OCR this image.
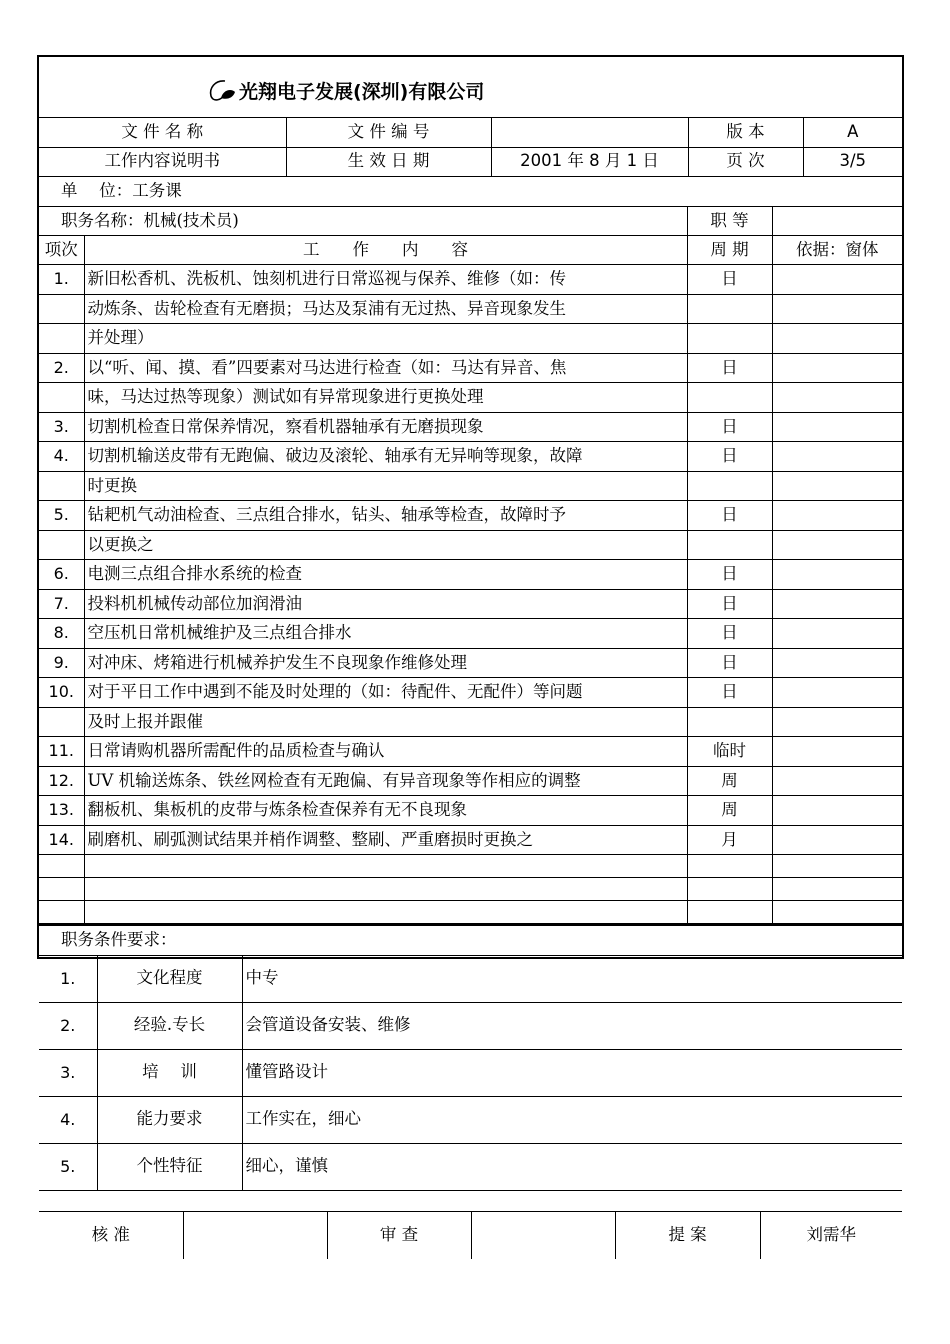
光翔电子发展(深圳)有限公司
文 件 名 称	文 件 编 号		版 本	A
工作内容说明书	生 效 日 期	2001 年 8 月 1 日	页 次	3/5
单　 位：工务课			
职务名称：机械(技术员)		职 等	
项次	工　　作　　内　　容	周 期	依据：窗体
1.	新旧松香机、洗板机、蚀刻机进行日常巡视与保养、维修（如：传	日	
	动炼条、齿轮检查有无磨损；马达及泵浦有无过热、异音现象发生		
	并处理）		
2.	以“听、闻、摸、看”四要素对马达进行检查（如：马达有异音、焦	日	
	味，马达过热等现象）测试如有异常现象进行更换处理		
3.	切割机检查日常保养情况，察看机器轴承有无磨损现象	日	
4.	切割机输送皮带有无跑偏、破边及滚轮、轴承有无异响等现象，故障	日	
	时更换		
5.	钻耙机气动油检查、三点组合排水，钻头、轴承等检查，故障时予	日	
	以更换之		
6.	电测三点组合排水系统的检查	日	
7.	投料机机械传动部位加润滑油	日	
8.	空压机日常机械维护及三点组合排水	日	
9.	对冲床、烤箱进行机械养护发生不良现象作维修处理	日	
10.	对于平日工作中遇到不能及时处理的（如：待配件、无配件）等问题	日	
	及时上报并跟催		
11.	日常请购机器所需配件的品质检查与确认	临时	
12.	UV 机输送炼条、铁丝网检查有无跑偏、有异音现象等作相应的调整	周	
13.	翻板机、集板机的皮带与炼条检查保养有无不良现象	周	
14.	刷磨机、刷弧测试结果并梢作调整、整刷、严重磨损时更换之	月	

职务条件要求：		
1.	文化程度	中专
2.	经验.专长	会管道设备安装、维修
3.	培　 训	懂管路设计
4.	能力要求	工作实在，细心
5.	个性特征	细心，谨慎

核 准		审 查		提 案	刘需华
